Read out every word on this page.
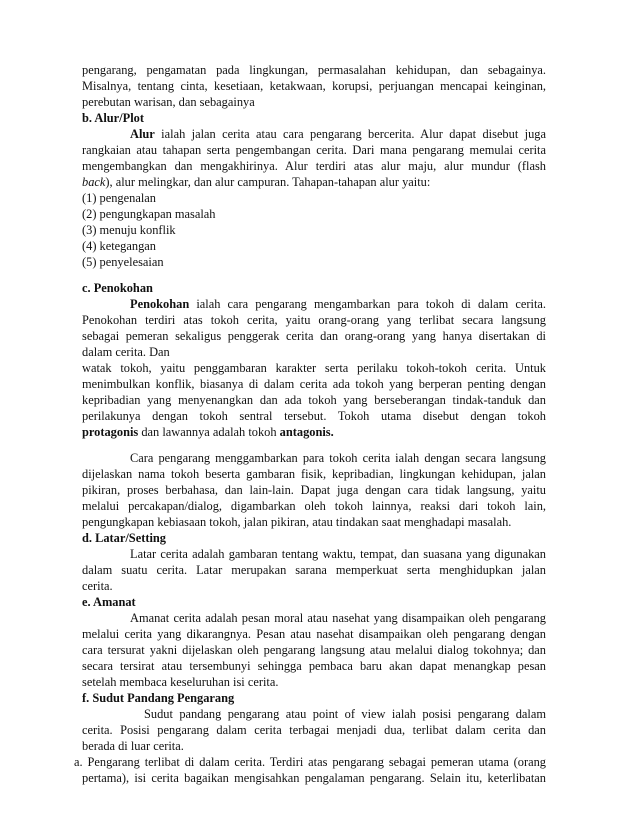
pengarang, pengamatan pada lingkungan, permasalahan kehidupan, dan sebagainya.
Misalnya, tentang cinta, kesetiaan, ketakwaan, korupsi, perjuangan mencapai keinginan,
perebutan warisan, dan sebagainya
b. Alur/Plot
Alur ialah jalan cerita atau cara pengarang bercerita. Alur dapat disebut juga
rangkaian atau tahapan serta pengembangan cerita. Dari mana pengarang memulai cerita
mengembangkan dan mengakhirinya. Alur terdiri atas alur maju, alur mundur (flash
back), alur melingkar, dan alur campuran. Tahapan-tahapan alur yaitu:
(1) pengenalan
(2) pengungkapan masalah
(3) menuju konflik
(4) ketegangan
(5) penyelesaian
c. Penokohan
Penokohan ialah cara pengarang mengambarkan para tokoh di dalam cerita.
Penokohan terdiri atas tokoh cerita, yaitu orang-orang yang terlibat secara langsung
sebagai pemeran sekaligus penggerak cerita dan orang-orang yang hanya disertakan di
dalam cerita. Dan
watak tokoh, yaitu penggambaran karakter serta perilaku tokoh-tokoh cerita. Untuk
menimbulkan konflik, biasanya di dalam cerita ada tokoh yang berperan penting dengan
kepribadian yang menyenangkan dan ada tokoh yang berseberangan tindak-tanduk dan
perilakunya dengan tokoh sentral tersebut. Tokoh utama disebut dengan tokoh
protagonis dan lawannya adalah tokoh antagonis.
Cara pengarang menggambarkan para tokoh cerita ialah dengan secara langsung
dijelaskan nama tokoh beserta gambaran fisik, kepribadian, lingkungan kehidupan, jalan
pikiran, proses berbahasa, dan lain-lain. Dapat juga dengan cara tidak langsung, yaitu
melalui percakapan/dialog, digambarkan oleh tokoh lainnya, reaksi dari tokoh lain,
pengungkapan kebiasaan tokoh, jalan pikiran, atau tindakan saat menghadapi masalah.
d. Latar/Setting
Latar cerita adalah gambaran tentang waktu, tempat, dan suasana yang digunakan
dalam suatu cerita. Latar merupakan sarana memperkuat serta menghidupkan jalan
cerita.
e. Amanat
Amanat cerita adalah pesan moral atau nasehat yang disampaikan oleh pengarang
melalui cerita yang dikarangnya. Pesan atau nasehat disampaikan oleh pengarang dengan
cara tersurat yakni dijelaskan oleh pengarang langsung atau melalui dialog tokohnya; dan
secara tersirat atau tersembunyi sehingga pembaca baru akan dapat menangkap pesan
setelah membaca keseluruhan isi cerita.
f. Sudut Pandang Pengarang
Sudut pandang pengarang atau point of view ialah posisi pengarang dalam
cerita. Posisi pengarang dalam cerita terbagai menjadi dua, terlibat dalam cerita dan
berada di luar cerita.
a. Pengarang terlibat di dalam cerita. Terdiri atas pengarang sebagai pemeran utama (orang
pertama), isi cerita bagaikan mengisahkan pengalaman pengarang. Selain itu, keterlibatan
